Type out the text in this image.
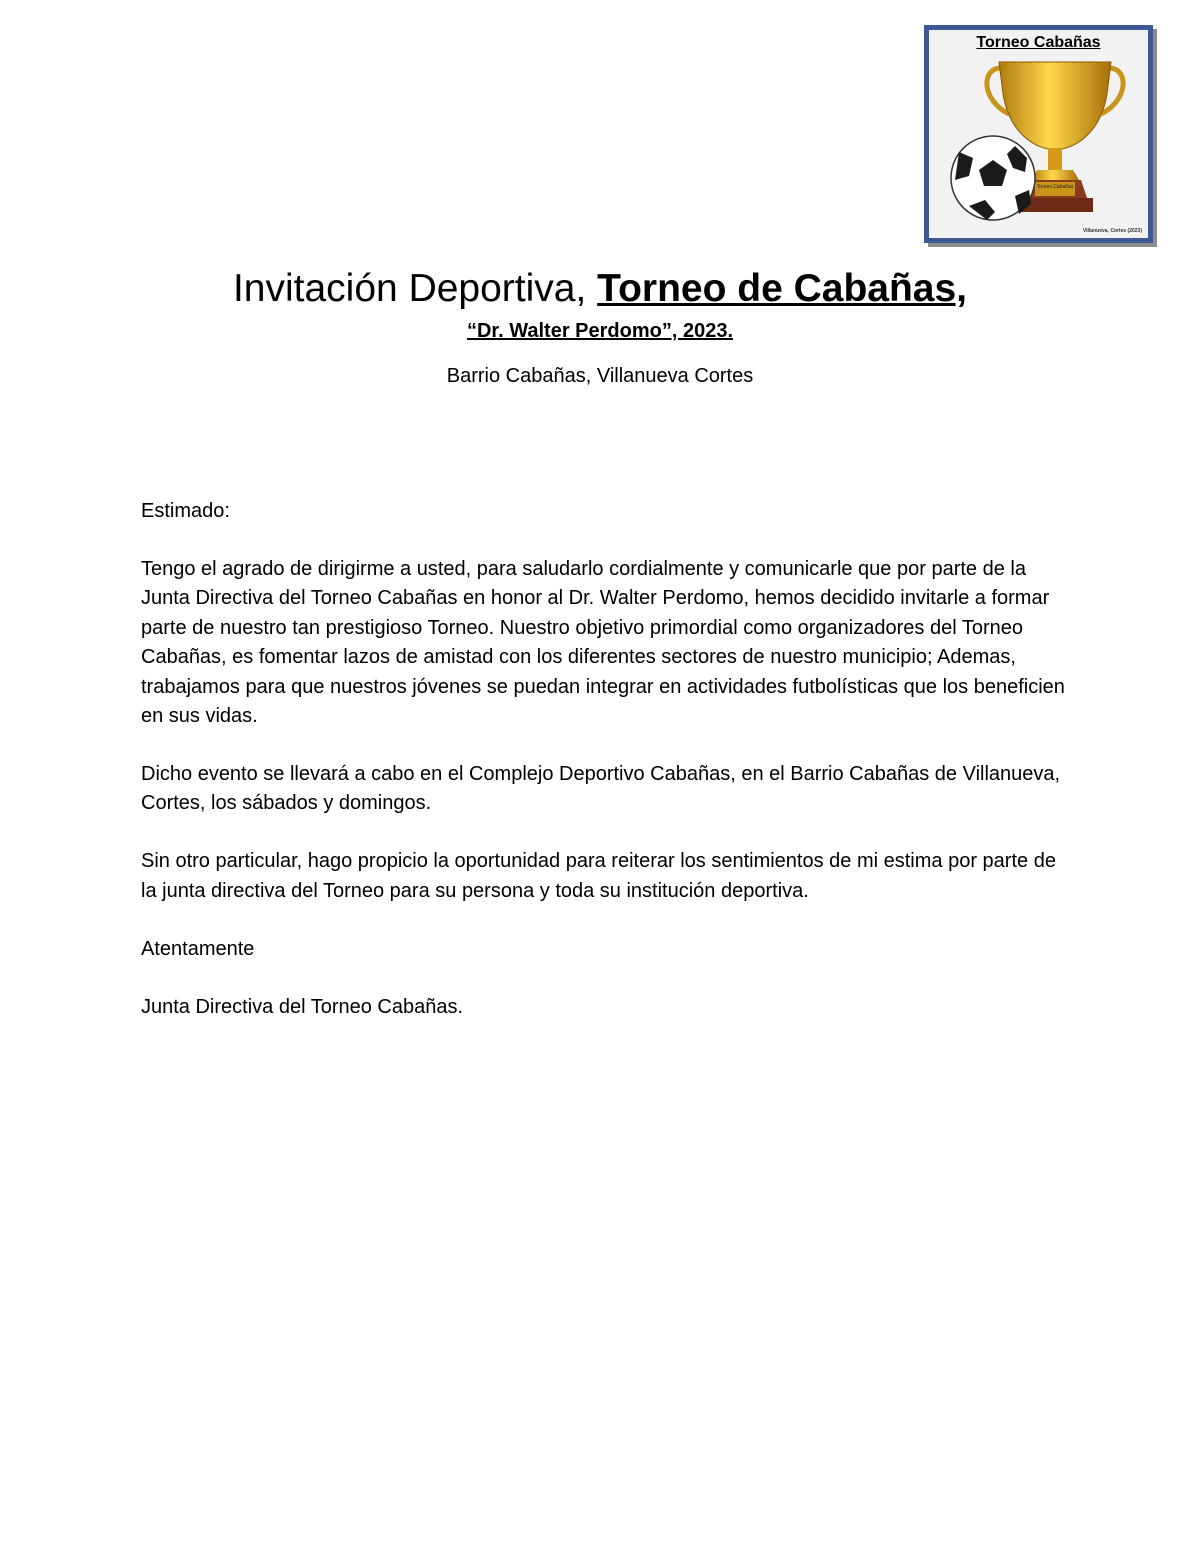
Torneo Cabañas
Torneo Cabañas
Villanueva, Cortes (2023)
Invitación Deportiva, Torneo de Cabañas,
“Dr. Walter Perdomo”, 2023.
Barrio Cabañas, Villanueva Cortes

Estimado:

Tengo el agrado de dirigirme a usted, para saludarlo cordialmente y comunicarle que por parte de la Junta Directiva del Torneo Cabañas en honor al Dr. Walter Perdomo, hemos decidido invitarle a formar parte de nuestro tan prestigioso Torneo. Nuestro objetivo primordial como organizadores del Torneo Cabañas, es fomentar lazos de amistad con los diferentes sectores de nuestro municipio; Ademas, trabajamos para que nuestros jóvenes se puedan integrar en actividades futbolísticas que los beneficien en sus vidas.

Dicho evento se llevará a cabo en el Complejo Deportivo Cabañas, en el Barrio Cabañas de Villanueva, Cortes, los sábados y domingos.

Sin otro particular, hago propicio la oportunidad para reiterar los sentimientos de mi estima por parte de la junta directiva del Torneo para su persona y toda su institución deportiva.

Atentamente

Junta Directiva del Torneo Cabañas.
